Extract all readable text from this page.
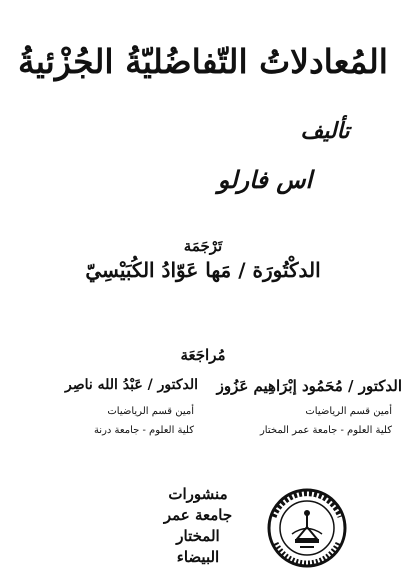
المُعادلاتُ التّفاضُليّةُ الجُزْئيةُ
تأليف
اس فارلو
تَرْجَمَة
الدكْتُورَة / مَها عَوّادُ الكُبَيْسِيّ
مُراجَعَة
الدكتور / مُحَمُود إبْرَاهِيم عَزُوز
أمين قسم الرياضيات
كلية العلوم - جامعة عمر المختار
الدكتور / عَبْدُ الله ناصِر
أمين قسم الرياضيات
كلية العلوم - جامعة درنة
منشورات
جامعة عمر المختار
البيضاء
